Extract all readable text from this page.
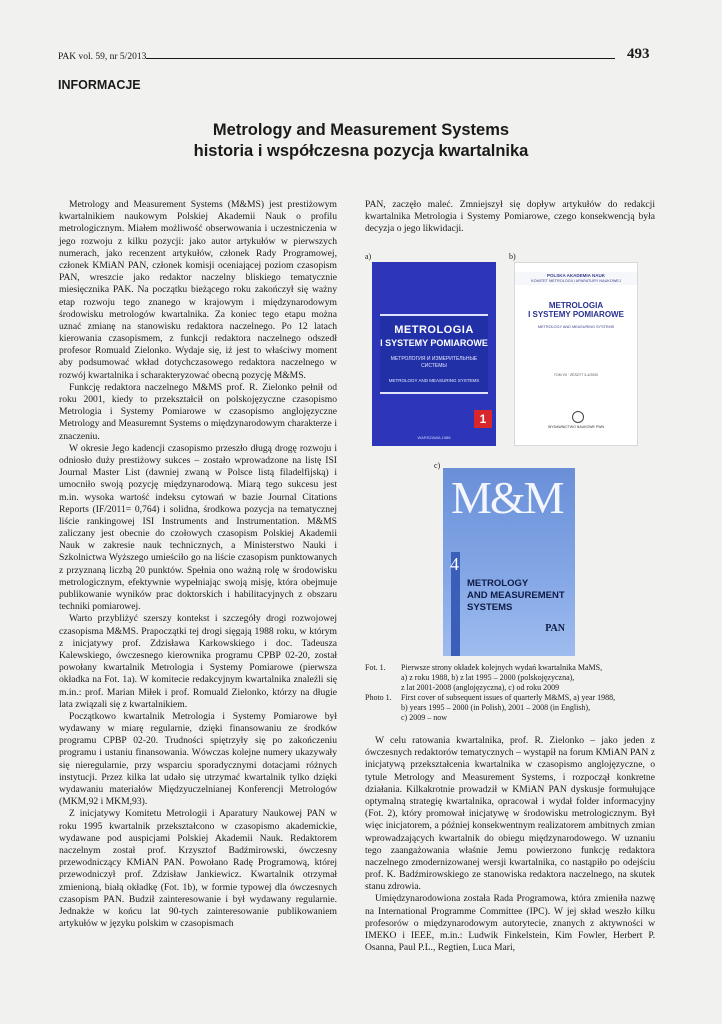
PAK vol. 59, nr 5/2013	493
INFORMACJE
Metrology and Measurement Systems
historia i współczesna pozycja kwartalnika

Metrology and Measurement Systems (M&MS) jest prestiżowym kwartalnikiem naukowym Polskiej Akademii Nauk o profilu metrologicznym. Miałem możliwość obserwowania i uczestniczenia w jego rozwoju z kilku pozycji: jako autor artykułów w pierwszych numerach, jako recenzent artykułów, członek Rady Programowej, członek KMiAN PAN, członek komisji oceniającej poziom czasopism PAN, wreszcie jako redaktor naczelny bliskiego tematycznie miesięcznika PAK. Na początku bieżącego roku zakończył się ważny etap rozwoju tego znanego w krajowym i międzynarodowym środowisku metrologów kwartalnika. Za koniec tego etapu można uznać zmianę na stanowisku redaktora naczelnego. Po 12 latach kierowania czasopismem, z funkcji redaktora naczelnego odszedł profesor Romuald Zielonko. Wydaje się, iż jest to właściwy moment aby podsumować wkład dotychczasowego redaktora naczelnego w rozwój kwartalnika i scharakteryzować obecną pozycję M&MS.

Funkcję redaktora naczelnego M&MS prof. R. Zielonko pełnił od roku 2001, kiedy to przekształcił on polskojęzyczne czasopismo Metrologia i Systemy Pomiarowe w czasopismo anglojęzyczne Metrology and Measuremnt Systems o międzynarodowym charakterze i znaczeniu.

W okresie Jego kadencji czasopismo przeszło długą drogę rozwoju i odniosło duży prestiżowy sukces – zostało wprowadzone na listę ISI Journal Master List (dawniej zwaną w Polsce listą filadelfijską) i umocniło swoją pozycję międzynarodową. Miarą tego sukcesu jest m.in. wysoka wartość indeksu cytowań w bazie Journal Citations Reports (IF/2011= 0,764) i solidna, środkowa pozycja na tematycznej liście rankingowej ISI Instruments and Instrumentation. M&MS zaliczany jest obecnie do czołowych czasopism Polskiej Akademii Nauk w zakresie nauk technicznych, a Ministerstwo Nauki i Szkolnictwa Wyższego umieściło go na liście czasopism punktowanych z przyznaną liczbą 20 punktów. Spełnia ono ważną rolę w środowisku metrologicznym, efektywnie wypełniając swoją misję, która obejmuje publikowanie wyników prac doktorskich i habilitacyjnych z obszaru techniki pomiarowej.

Warto przybliżyć szerszy kontekst i szczegóły drogi rozwojowej czasopisma M&MS. Prapoczątki tej drogi sięgają 1988 roku, w którym z inicjatywy prof. Zdzisława Karkowskiego i doc. Tadeusza Kalewskiego, ówczesnego kierownika programu CPBP 02-20, został powołany kwartalnik Metrologia i Systemy Pomiarowe (pierwsza okładka na Fot. 1a). W komitecie redakcyjnym kwartalnika znaleźli się m.in.: prof. Marian Miłek i prof. Romuald Zielonko, którzy na długie lata związali się z kwartalnikiem.

Początkowo kwartalnik Metrologia i Systemy Pomiarowe był wydawany w miarę regularnie, dzięki finansowaniu ze środków programu CPBP 02-20. Trudności spiętrzyły się po zakończeniu programu i ustaniu finansowania. Wówczas kolejne numery ukazywały się nieregularnie, przy wsparciu sporadycznymi dotacjami różnych instytucji. Przez kilka lat udało się utrzymać kwartalnik tylko dzięki wydawaniu materiałów Międzyuczelnianej Konferencji Metrologów (MKM,92 i MKM,93).

Z inicjatywy Komitetu Metrologii i Aparatury Naukowej PAN w roku 1995 kwartalnik przekształcono w czasopismo akademickie, wydawane pod auspicjami Polskiej Akademii Nauk. Redaktorem naczelnym został prof. Krzysztof Badźmirowski, ówczesny przewodniczący KMiAN PAN. Powołano Radę Programową, której przewodniczył prof. Zdzisław Jankiewicz. Kwartalnik otrzymał zmienioną, białą okładkę (Fot. 1b), w formie typowej dla ówczesnych czasopism PAN. Budził zainteresowanie i był wydawany regularnie. Jednakże w końcu lat 90-tych zainteresowanie publikowaniem artykułów w języku polskim w czasopismach

PAN, zaczęło maleć. Zmniejszył się dopływ artykułów do redakcji kwartalnika Metrologia i Systemy Pomiarowe, czego konsekwencją była decyzja o jego likwidacji.

a)	b)
c)
METROLOGIA
I SYSTEMY POMIAROWE
МЕТРОЛОГИЯ И ИЗМЕРИТЕЛЬНЫЕ СИСТЕМЫ
METROLOGY AND MEASURING SYSTEMS
1
WARSZAWA 1988
POLSKA AKADEMIA NAUK
KOMITET METROLOGII I APARATURY NAUKOWEJ
METROLOGIA
I SYSTEMY POMIAROWE
METROLOGY AND MEASURING SYSTEMS
TOM VII · ZESZYT 3-4/2000
WYDAWNICTWO NAUKOWE PWN
M&M
4
METROLOGY
AND MEASUREMENT SYSTEMS
PAN
Fot. 1.	Pierwsze strony okładek kolejnych wydań kwartalnika MaMS,
a) z roku 1988, b) z lat 1995 – 2000 (polskojęzyczna),
z lat 2001-2008 (anglojęzyczna), c) od roku 2009
Photo 1.	First cover of subsequent issues of quarterly M&MS, a) year 1988,
b) years 1995 – 2000 (in Polish), 2001 – 2008 (in English),
c) 2009 – now

W celu ratowania kwartalnika, prof. R. Zielonko – jako jeden z ówczesnych redaktorów tematycznych – wystąpił na forum KMiAN PAN z inicjatywą przekształcenia kwartalnika w czasopismo anglojęzyczne, o tytule Metrology and Measurement Systems, i rozpoczął konkretne działania. Kilkakrotnie prowadził w KMiAN PAN dyskusje formułujące optymalną strategię kwartalnika, opracował i wydał folder informacyjny (Fot. 2), który promował inicjatywę w środowisku metrologicznym. Był więc inicjatorem, a później konsekwentnym realizatorem ambitnych zmian wprowadzających kwartalnik do obiegu międzynarodowego. W uznaniu tego zaangażowania właśnie Jemu powierzono funkcję redaktora naczelnego zmodernizowanej wersji kwartalnika, co nastąpiło po odejściu prof. K. Badźmirowskiego ze stanowiska redaktora naczelnego, na skutek stanu zdrowia.

Umiędzynarodowiona została Rada Programowa, która zmieniła nazwę na International Programme Committee (IPC). W jej skład weszło kilku profesorów o międzynarodowym autorytecie, znanych z aktywności w IMEKO i IEEE, m.in.: Ludwik Finkelstein, Kim Fowler, Herbert P. Osanna, Paul P.L., Regtien, Luca Mari,
